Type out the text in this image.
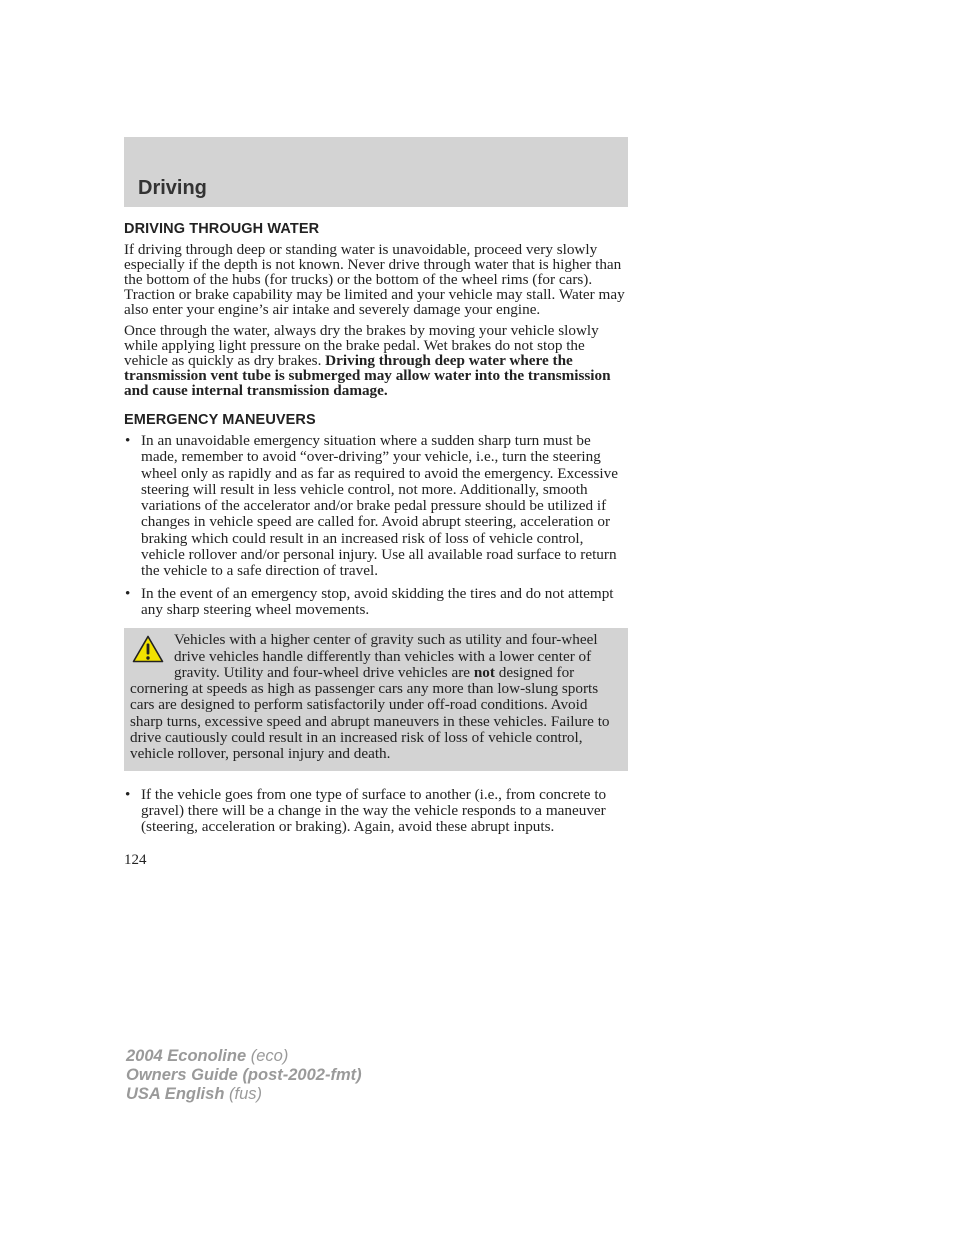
Driving
DRIVING THROUGH WATER

If driving through deep or standing water is unavoidable, proceed very slowly especially if the depth is not known. Never drive through water that is higher than the bottom of the hubs (for trucks) or the bottom of the wheel rims (for cars). Traction or brake capability may be limited and your vehicle may stall. Water may also enter your engine’s air intake and severely damage your engine.

Once through the water, always dry the brakes by moving your vehicle slowly while applying light pressure on the brake pedal. Wet brakes do not stop the vehicle as quickly as dry brakes. Driving through deep water where the transmission vent tube is submerged may allow water into the transmission and cause internal transmission damage.

EMERGENCY MANEUVERS
• In an unavoidable emergency situation where a sudden sharp turn must be made, remember to avoid “over-driving” your vehicle, i.e., turn the steering wheel only as rapidly and as far as required to avoid the emergency. Excessive steering will result in less vehicle control, not more. Additionally, smooth variations of the accelerator and/or brake pedal pressure should be utilized if changes in vehicle speed are called for. Avoid abrupt steering, acceleration or braking which could result in an increased risk of loss of vehicle control, vehicle rollover and/or personal injury. Use all available road surface to return the vehicle to a safe direction of travel.
• In the event of an emergency stop, avoid skidding the tires and do not attempt any sharp steering wheel movements.
Vehicles with a higher center of gravity such as utility and four-wheel drive vehicles handle differently than vehicles with a lower center of gravity. Utility and four-wheel drive vehicles are not designed for cornering at speeds as high as passenger cars any more than low-slung sports cars are designed to perform satisfactorily under off-road conditions. Avoid sharp turns, excessive speed and abrupt maneuvers in these vehicles. Failure to drive cautiously could result in an increased risk of loss of vehicle control, vehicle rollover, personal injury and death.
• If the vehicle goes from one type of surface to another (i.e., from concrete to gravel) there will be a change in the way the vehicle responds to a maneuver (steering, acceleration or braking). Again, avoid these abrupt inputs.
124
2004 Econoline (eco)
Owners Guide (post-2002-fmt)
USA English (fus)
